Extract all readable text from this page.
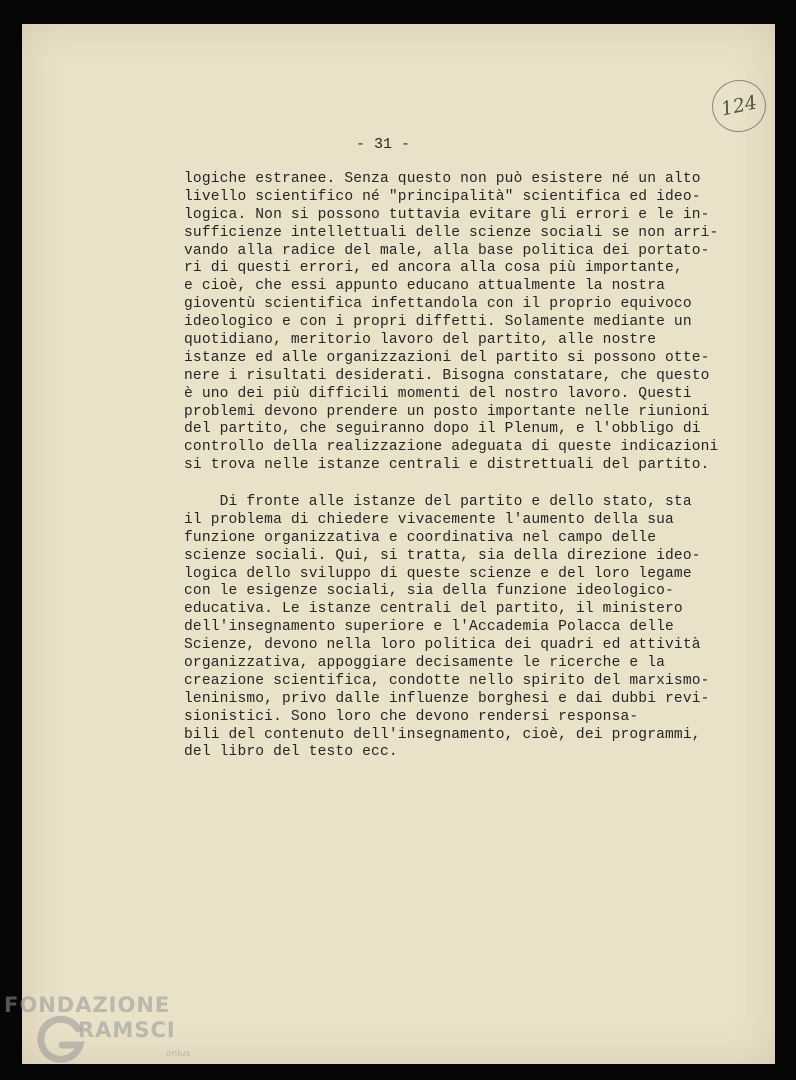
124
- 31 -
logiche estranee. Senza questo non può esistere né un alto
livello scientifico né "principalità" scientifica ed ideo-
logica. Non si possono tuttavia evitare gli errori e le in-
sufficienze intellettuali delle scienze sociali se non arri-
vando alla radice del male, alla base politica dei portato-
ri di questi errori, ed ancora alla cosa più importante,
e cioè, che essi appunto educano attualmente la nostra
gioventù scientifica infettandola con il proprio equivoco
ideologico e con i propri diffetti. Solamente mediante un
quotidiano, meritorio lavoro del partito, alle nostre
istanze ed alle organizzazioni del partito si possono otte-
nere i risultati desiderati. Bisogna constatare, che questo
è uno dei più difficili momenti del nostro lavoro. Questi
problemi devono prendere un posto importante nelle riunioni
del partito, che seguiranno dopo il Plenum, e l'obbligo di
controllo della realizzazione adeguata di queste indicazioni
si trova nelle istanze centrali e distrettuali del partito.
Di fronte alle istanze del partito e dello stato, sta
il problema di chiedere vivacemente l'aumento della sua
funzione organizzativa e coordinativa nel campo delle
scienze sociali. Qui, si tratta, sia della direzione ideo-
logica dello sviluppo di queste scienze e del loro legame
con le esigenze sociali, sia della funzione ideologico-
educativa. Le istanze centrali del partito, il ministero
dell'insegnamento superiore e l'Accademia Polacca delle
Scienze, devono nella loro politica dei quadri ed attività
organizzativa, appoggiare decisamente le ricerche e la
creazione scientifica, condotte nello spirito del marxismo-
leninismo, privo dalle influenze borghesi e dai dubbi revi-
sionistici. Sono loro che devono rendersi responsa-
bili del contenuto dell'insegnamento, cioè, dei programmi,
del libro del testo ecc.
FONDAZIONE
RAMSCI
onlus
